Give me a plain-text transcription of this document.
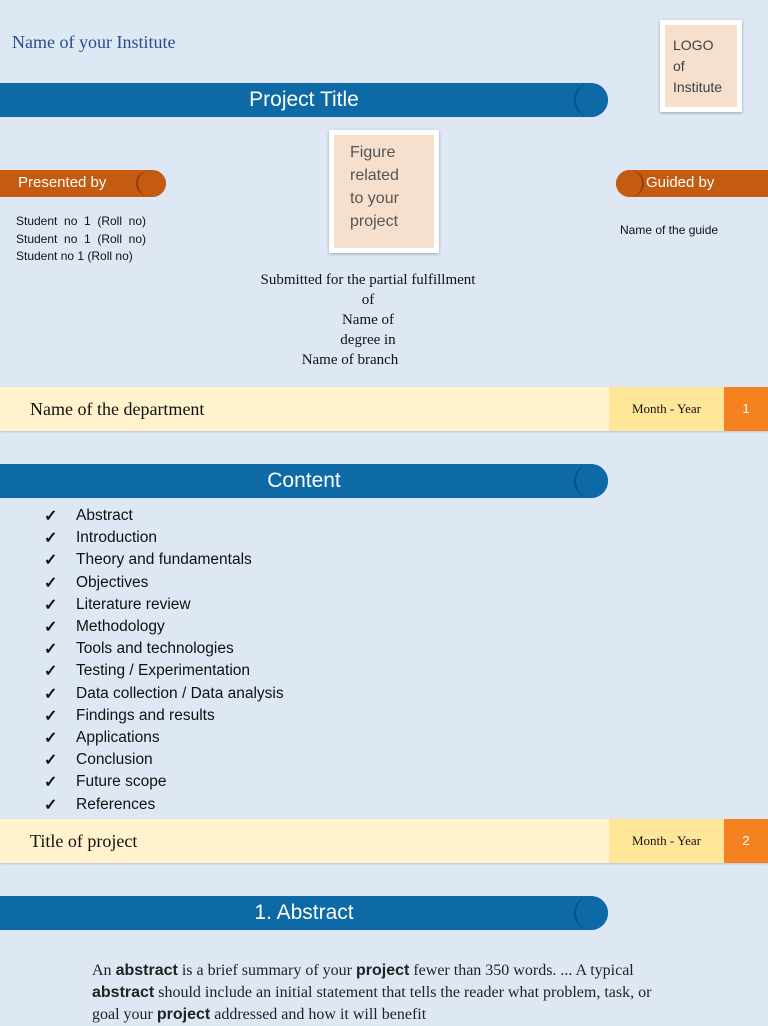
Name of your Institute	LOGO
of
Institute
Project Title
Presented by	Guided by
Student no 1 (Roll no) Student no 1 (Roll no) Student no 1 (Roll no)
Name of the guide
Figure
related
to your
project
Submitted for the partial fulfillment
of
Name of
degree in
Name of branch
Name of the department	Month - Year	1
Content
✓	Abstract
✓	Introduction
✓	Theory and fundamentals
✓	Objectives
✓	Literature review
✓	Methodology
✓	Tools and technologies
✓	Testing / Experimentation
✓	Data collection / Data analysis
✓	Findings and results
✓	Applications
✓	Conclusion
✓	Future scope
✓	References
Title of project	Month - Year	2
1. Abstract
An abstract is a brief summary of your project fewer than 350 words. ... A typical abstract should include an initial statement that tells the reader what problem, task, or goal your project addressed and how it will benefit
